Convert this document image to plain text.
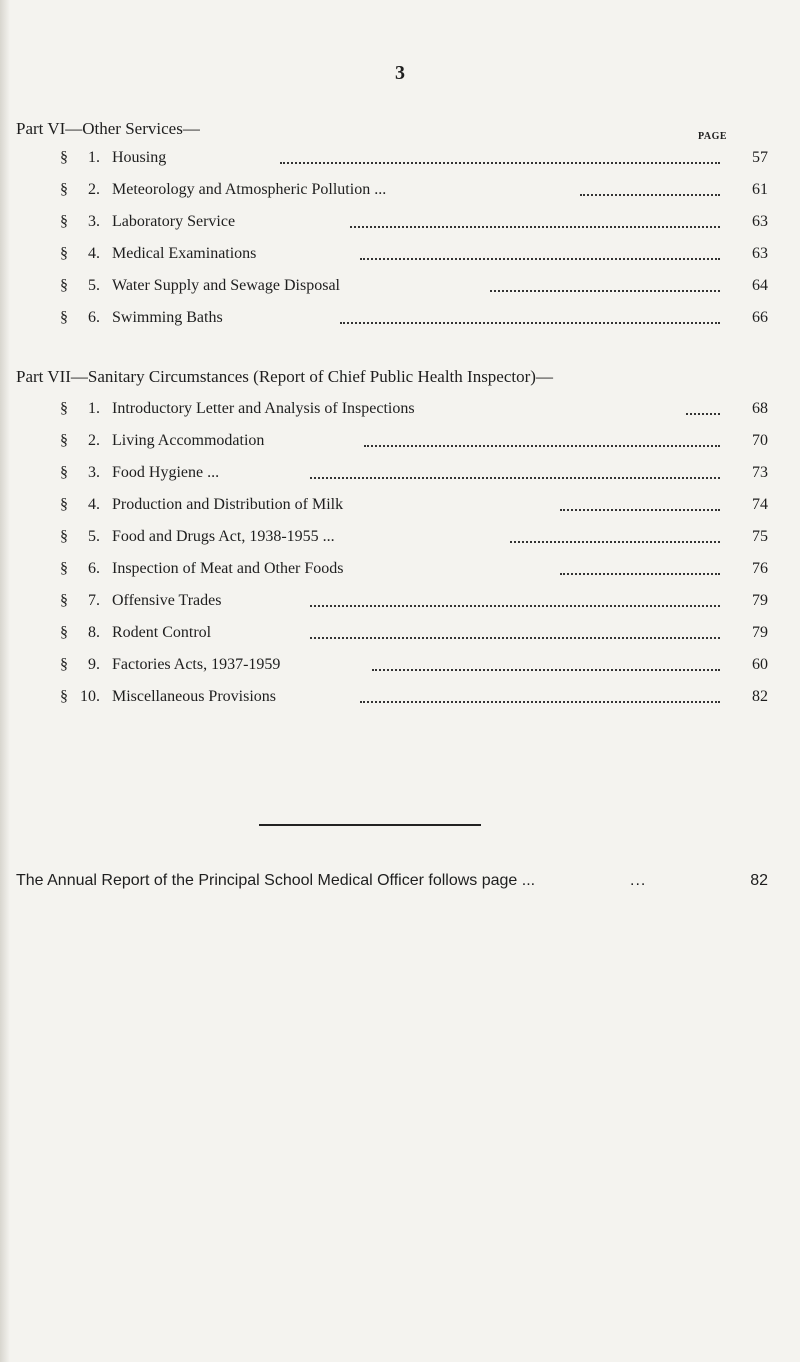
3
Part VI—Other Services—	PAGE
§	1. Housing	57
§	2. Meteorology and Atmospheric Pollution ...	61
§	3. Laboratory Service	63
§	4. Medical Examinations	63
§	5. Water Supply and Sewage Disposal	64
§	6. Swimming Baths	66
Part VII—Sanitary Circumstances (Report of Chief Public Health Inspector)—
§	1. Introductory Letter and Analysis of Inspections	68
§	2. Living Accommodation	70
§	3. Food Hygiene ...	73
§	4. Production and Distribution of Milk	74
§	5. Food and Drugs Act, 1938-1955 ...	75
§	6. Inspection of Meat and Other Foods	76
§	7. Offensive Trades	79
§	8. Rodent Control	79
§	9. Factories Acts, 1937-1959	60
§ 10. Miscellaneous Provisions	82
The Annual Report of the Principal School Medical Officer follows page ...	...	82
